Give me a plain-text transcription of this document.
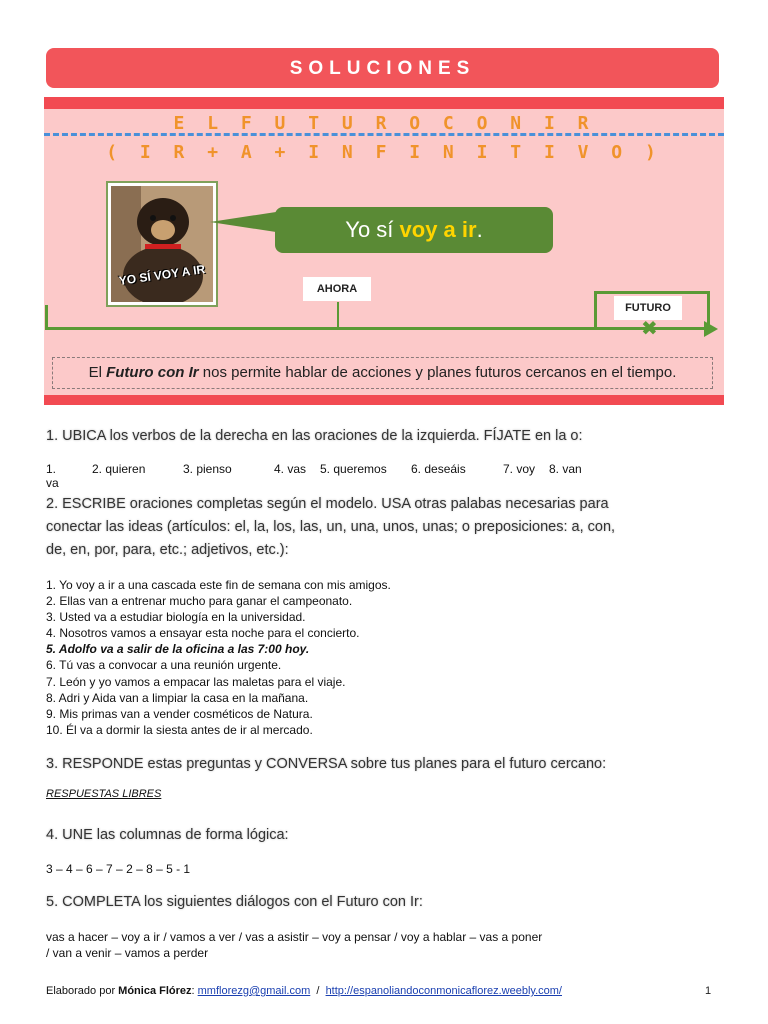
SOLUCIONES
E L F U T U R O C O N I R
( I R + A + I N F I N I T I V O )
YO SÍ VOY A IR
Yo sí voy a ir.
AHORA
FUTURO
✖
El Futuro con Ir nos permite hablar de acciones y planes futuros cercanos en el tiempo.
1. UBICA los verbos de la derecha en las oraciones de la izquierda. FÍJATE en la o:
1. va
2. quieren	3. pienso	4. vas 5. queremos 6. deseáis	7. voy 8. van
2. ESCRIBE oraciones completas según el modelo. USA otras palabas necesarias para
conectar las ideas (artículos: el, la, los, las, un, una, unos, unas; o preposiciones: a, con,
de, en, por, para, etc.; adjetivos, etc.):
1. Yo voy a ir a una cascada este fin de semana con mis amigos.
2. Ellas van a entrenar mucho para ganar el campeonato.
3. Usted va a estudiar biología en la universidad.
4. Nosotros vamos a ensayar esta noche para el concierto.
5. Adolfo va a salir de la oficina a las 7:00 hoy.
6. Tú vas a convocar a una reunión urgente.
7. León y yo vamos a empacar las maletas para el viaje.
8. Adri y Aida van a limpiar la casa en la mañana.
9. Mis primas van a vender cosméticos de Natura.
10. Él va a dormir la siesta antes de ir al mercado.
3. RESPONDE estas preguntas y CONVERSA sobre tus planes para el futuro cercano:
RESPUESTAS LIBRES
4. UNE las columnas de forma lógica:
3 – 4 – 6 – 7 – 2 – 8 – 5 - 1
5. COMPLETA los siguientes diálogos con el Futuro con Ir:
vas a hacer – voy a ir / vamos a ver / vas a asistir – voy a pensar / voy a hablar – vas a poner
/ van a venir – vamos a perder
Elaborado por Mónica Flórez: mmflorezg@gmail.com  /  http://espanoliandoconmonicaflorez.weebly.com/	1
